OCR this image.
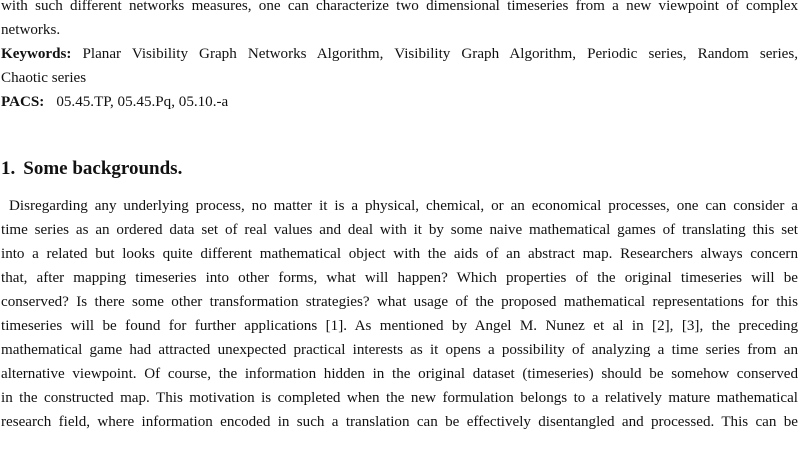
with such different networks measures, one can characterize two dimensional timeseries from a new viewpoint of complex
networks.
Keywords: Planar Visibility Graph Networks Algorithm, Visibility Graph Algorithm, Periodic series, Random series,
Chaotic series
PACS: 05.45.TP, 05.45.Pq, 05.10.-a
1. Some backgrounds.
Disregarding any underlying process, no matter it is a physical, chemical, or an economical processes, one can consider a
time series as an ordered data set of real values and deal with it by some naive mathematical games of translating this set
into a related but looks quite different mathematical object with the aids of an abstract map. Researchers always concern
that, after mapping timeseries into other forms, what will happen? Which properties of the original timeseries will be
conserved? Is there some other transformation strategies? what usage of the proposed mathematical representations for this
timeseries will be found for further applications [1]. As mentioned by Angel M. Nunez et al in [2], [3], the preceding
mathematical game had attracted unexpected practical interests as it opens a possibility of analyzing a time series from an
alternative viewpoint. Of course, the information hidden in the original dataset (timeseries) should be somehow conserved
in the constructed map. This motivation is completed when the new formulation belongs to a relatively mature mathematical
research field, where information encoded in such a translation can be effectively disentangled and processed. This can be
